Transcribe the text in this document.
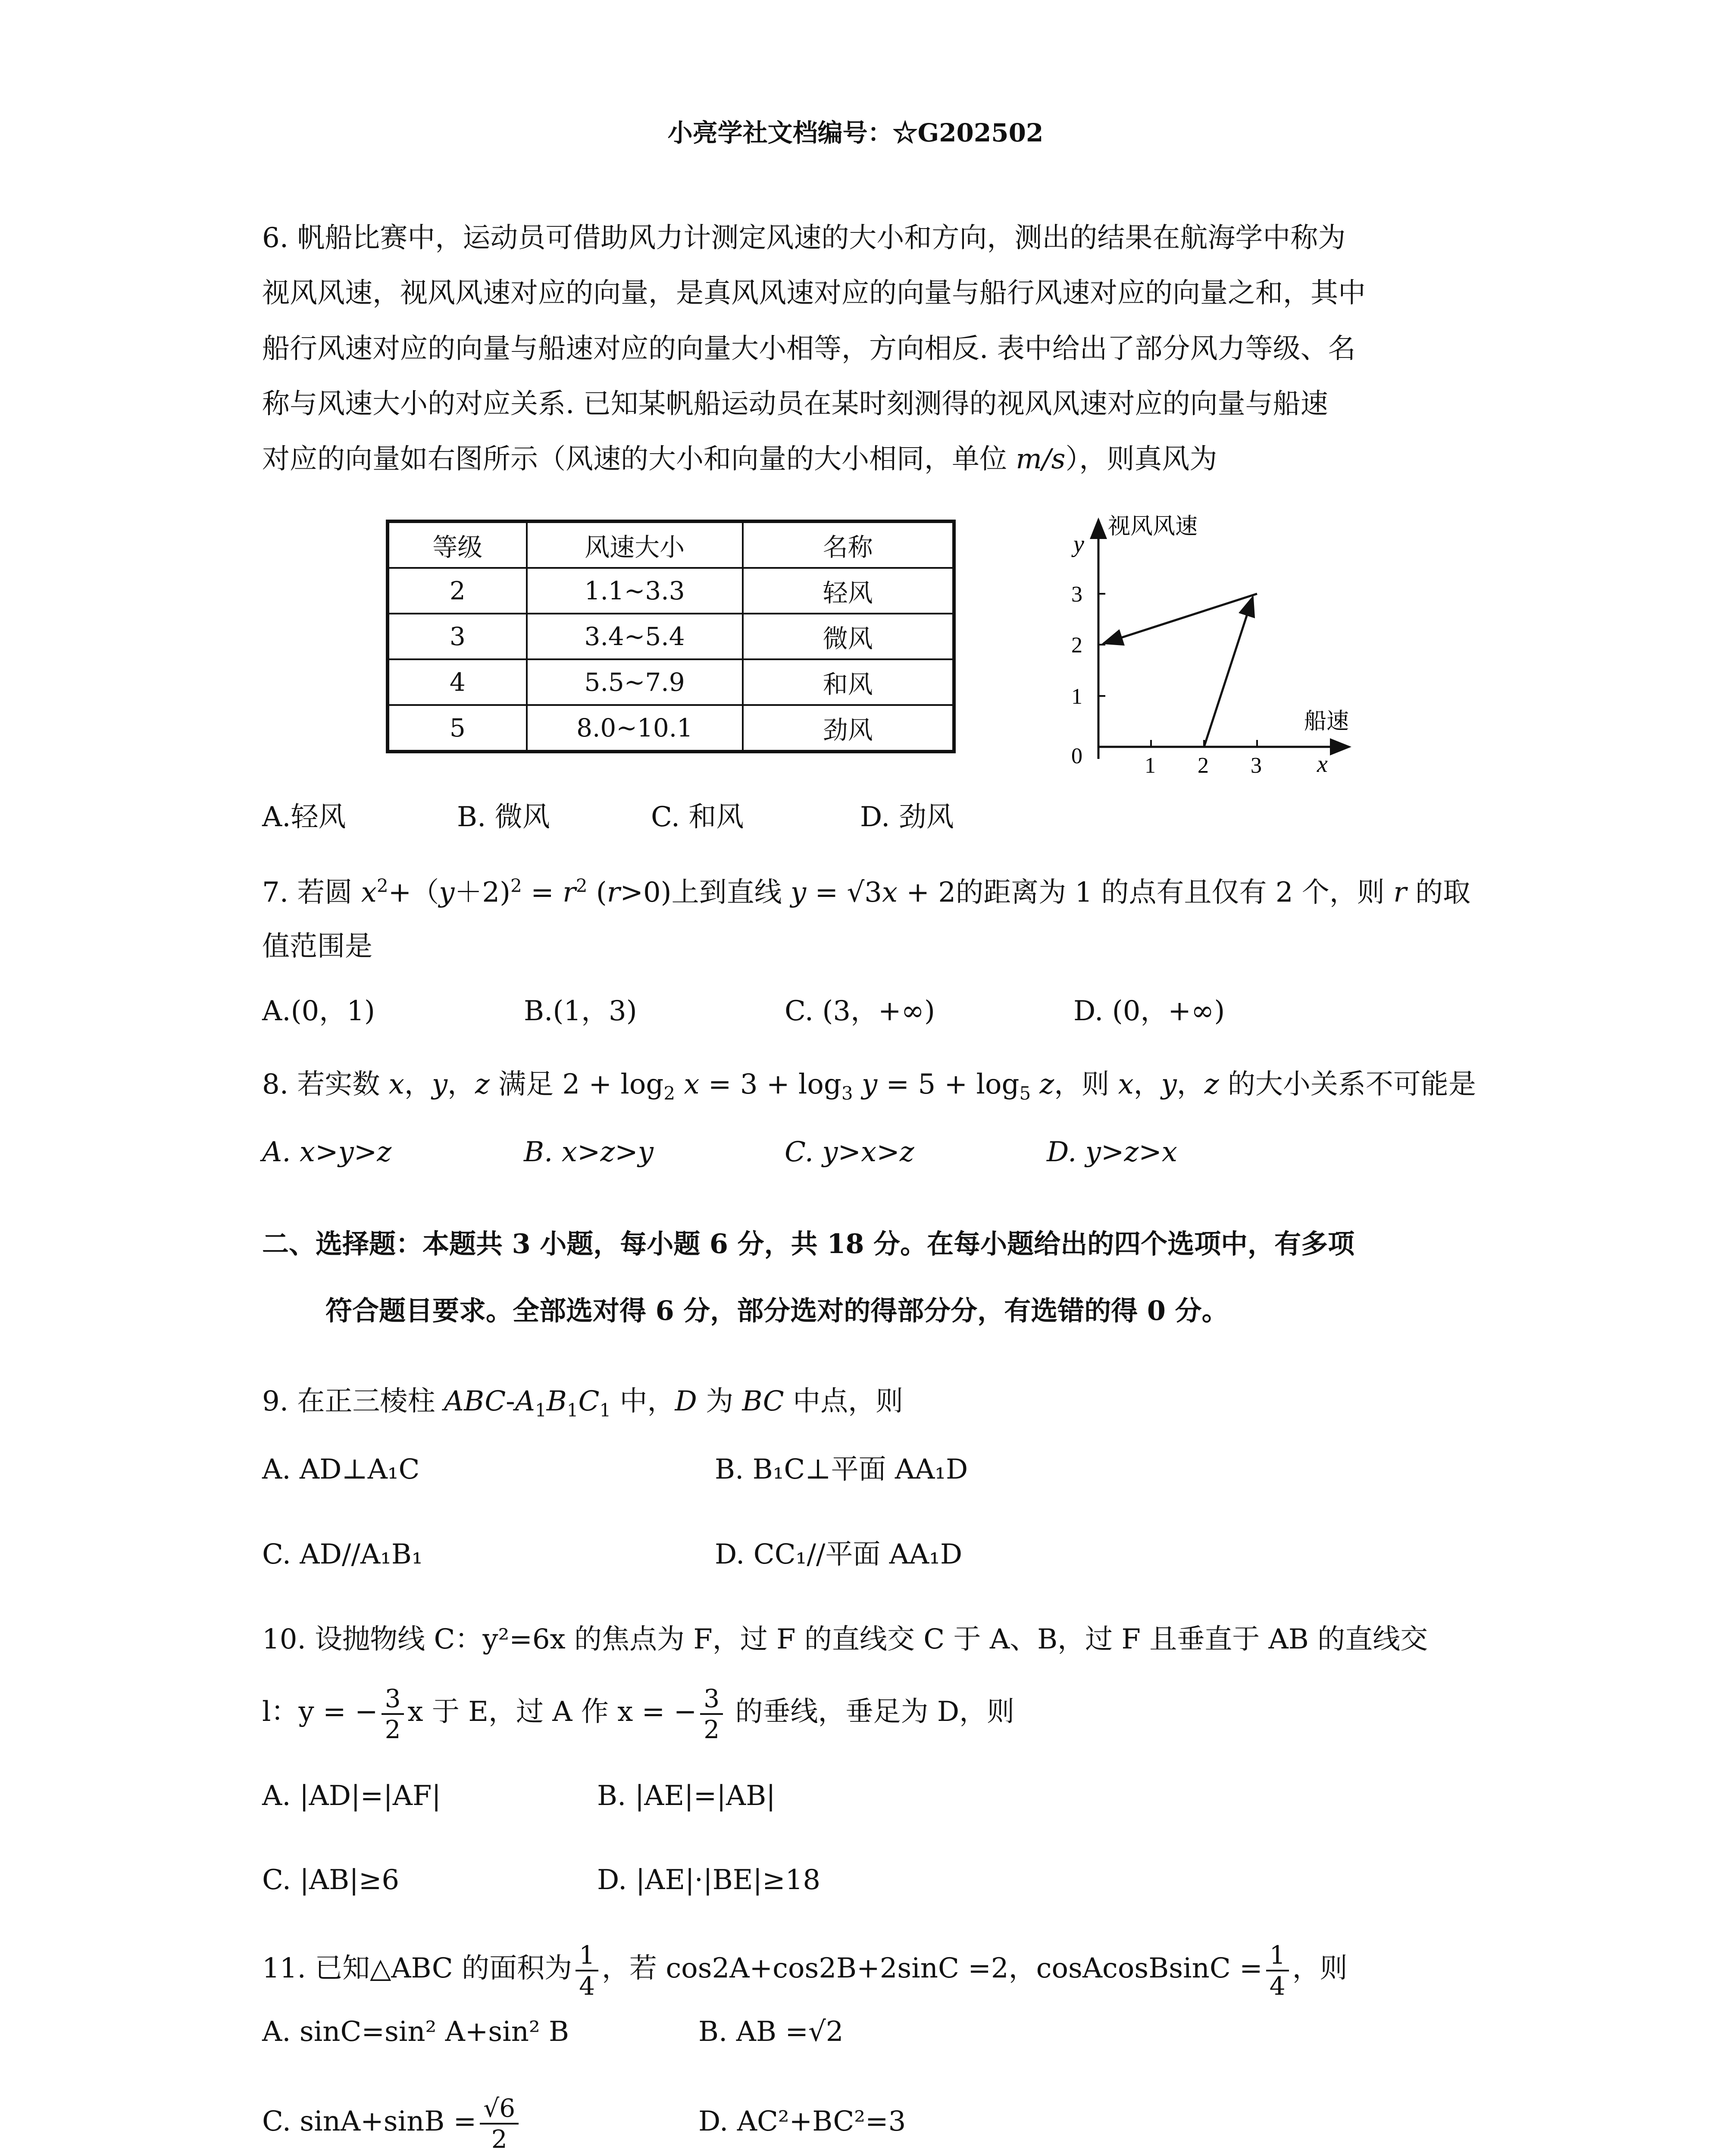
小亮学社文档编号：☆G202502
6. 帆船比赛中，运动员可借助风力计测定风速的大小和方向，测出的结果在航海学中称为
视风风速，视风风速对应的向量，是真风风速对应的向量与船行风速对应的向量之和，其中
船行风速对应的向量与船速对应的向量大小相等，方向相反. 表中给出了部分风力等级、名
称与风速大小的对应关系. 已知某帆船运动员在某时刻测得的视风风速对应的向量与船速
对应的向量如右图所示（风速的大小和向量的大小相同，单位 m/s），则真风为
等级	风速大小	名称
2	1.1~3.3	轻风
3	3.4~5.4	微风
4	5.5~7.9	和风
5	8.0~10.1	劲风
y
视风风速
船速
x
0	1 2 3
1
2
3
A.轻风	B. 微风	C. 和风	D. 劲风
7. 若圆 $x^2+(y+2)^2 = r^2$ (r>0)上到直线 y = √3x + 2的距离为 1 的点有且仅有 2 个，则 r 的取
值范围是
A.(0，1)	B.(1，3)	C. (3，+∞)	D. (0，+∞)
8. 若实数 x，y，z 满足 $2 + \log_2 x = 3 + \log_3 y = 5 + \log_5 z$，则 x，y，z 的大小关系不可能是
A. x>y>z	B. x>z>y	C. y>x>z	D. y>z>x
二、选择题：本题共 3 小题，每小题 6 分，共 18 分。在每小题给出的四个选项中，有多项
符合题目要求。全部选对得 6 分，部分选对的得部分分，有选错的得 0 分。
9. 在正三棱柱 ABC-$A_1B_1C_1$ 中，D 为 BC 中点，则
A. AD⊥A₁C	B. B₁C⊥平面 AA₁D
C. AD//A₁B₁	D. CC₁//平面 AA₁D
10. 设抛物线 C：y²=6x 的焦点为 F，过 F 的直线交 C 于 A、B，过 F 且垂直于 AB 的直线交
l：y = − $\frac{3}{2}$ x 于 E，过 A 作 x = − $\frac{3}{2}$ 的垂线，垂足为 D，则
A. |AD|=|AF|	B. |AE|=|AB|
C. |AB|≥6	D. |AE|·|BE|≥18
11. 已知△ABC 的面积为 $\frac{1}{4}$ ，若 cos2A+cos2B+2sinC =2，cosAcosBsinC = $\frac{1}{4}$ ，则
A. sinC=sin² A+sin² B	B. AB =√2
C. $\sin A+\sin B = \frac{√6}{2}$	D. AC²+BC²=3
